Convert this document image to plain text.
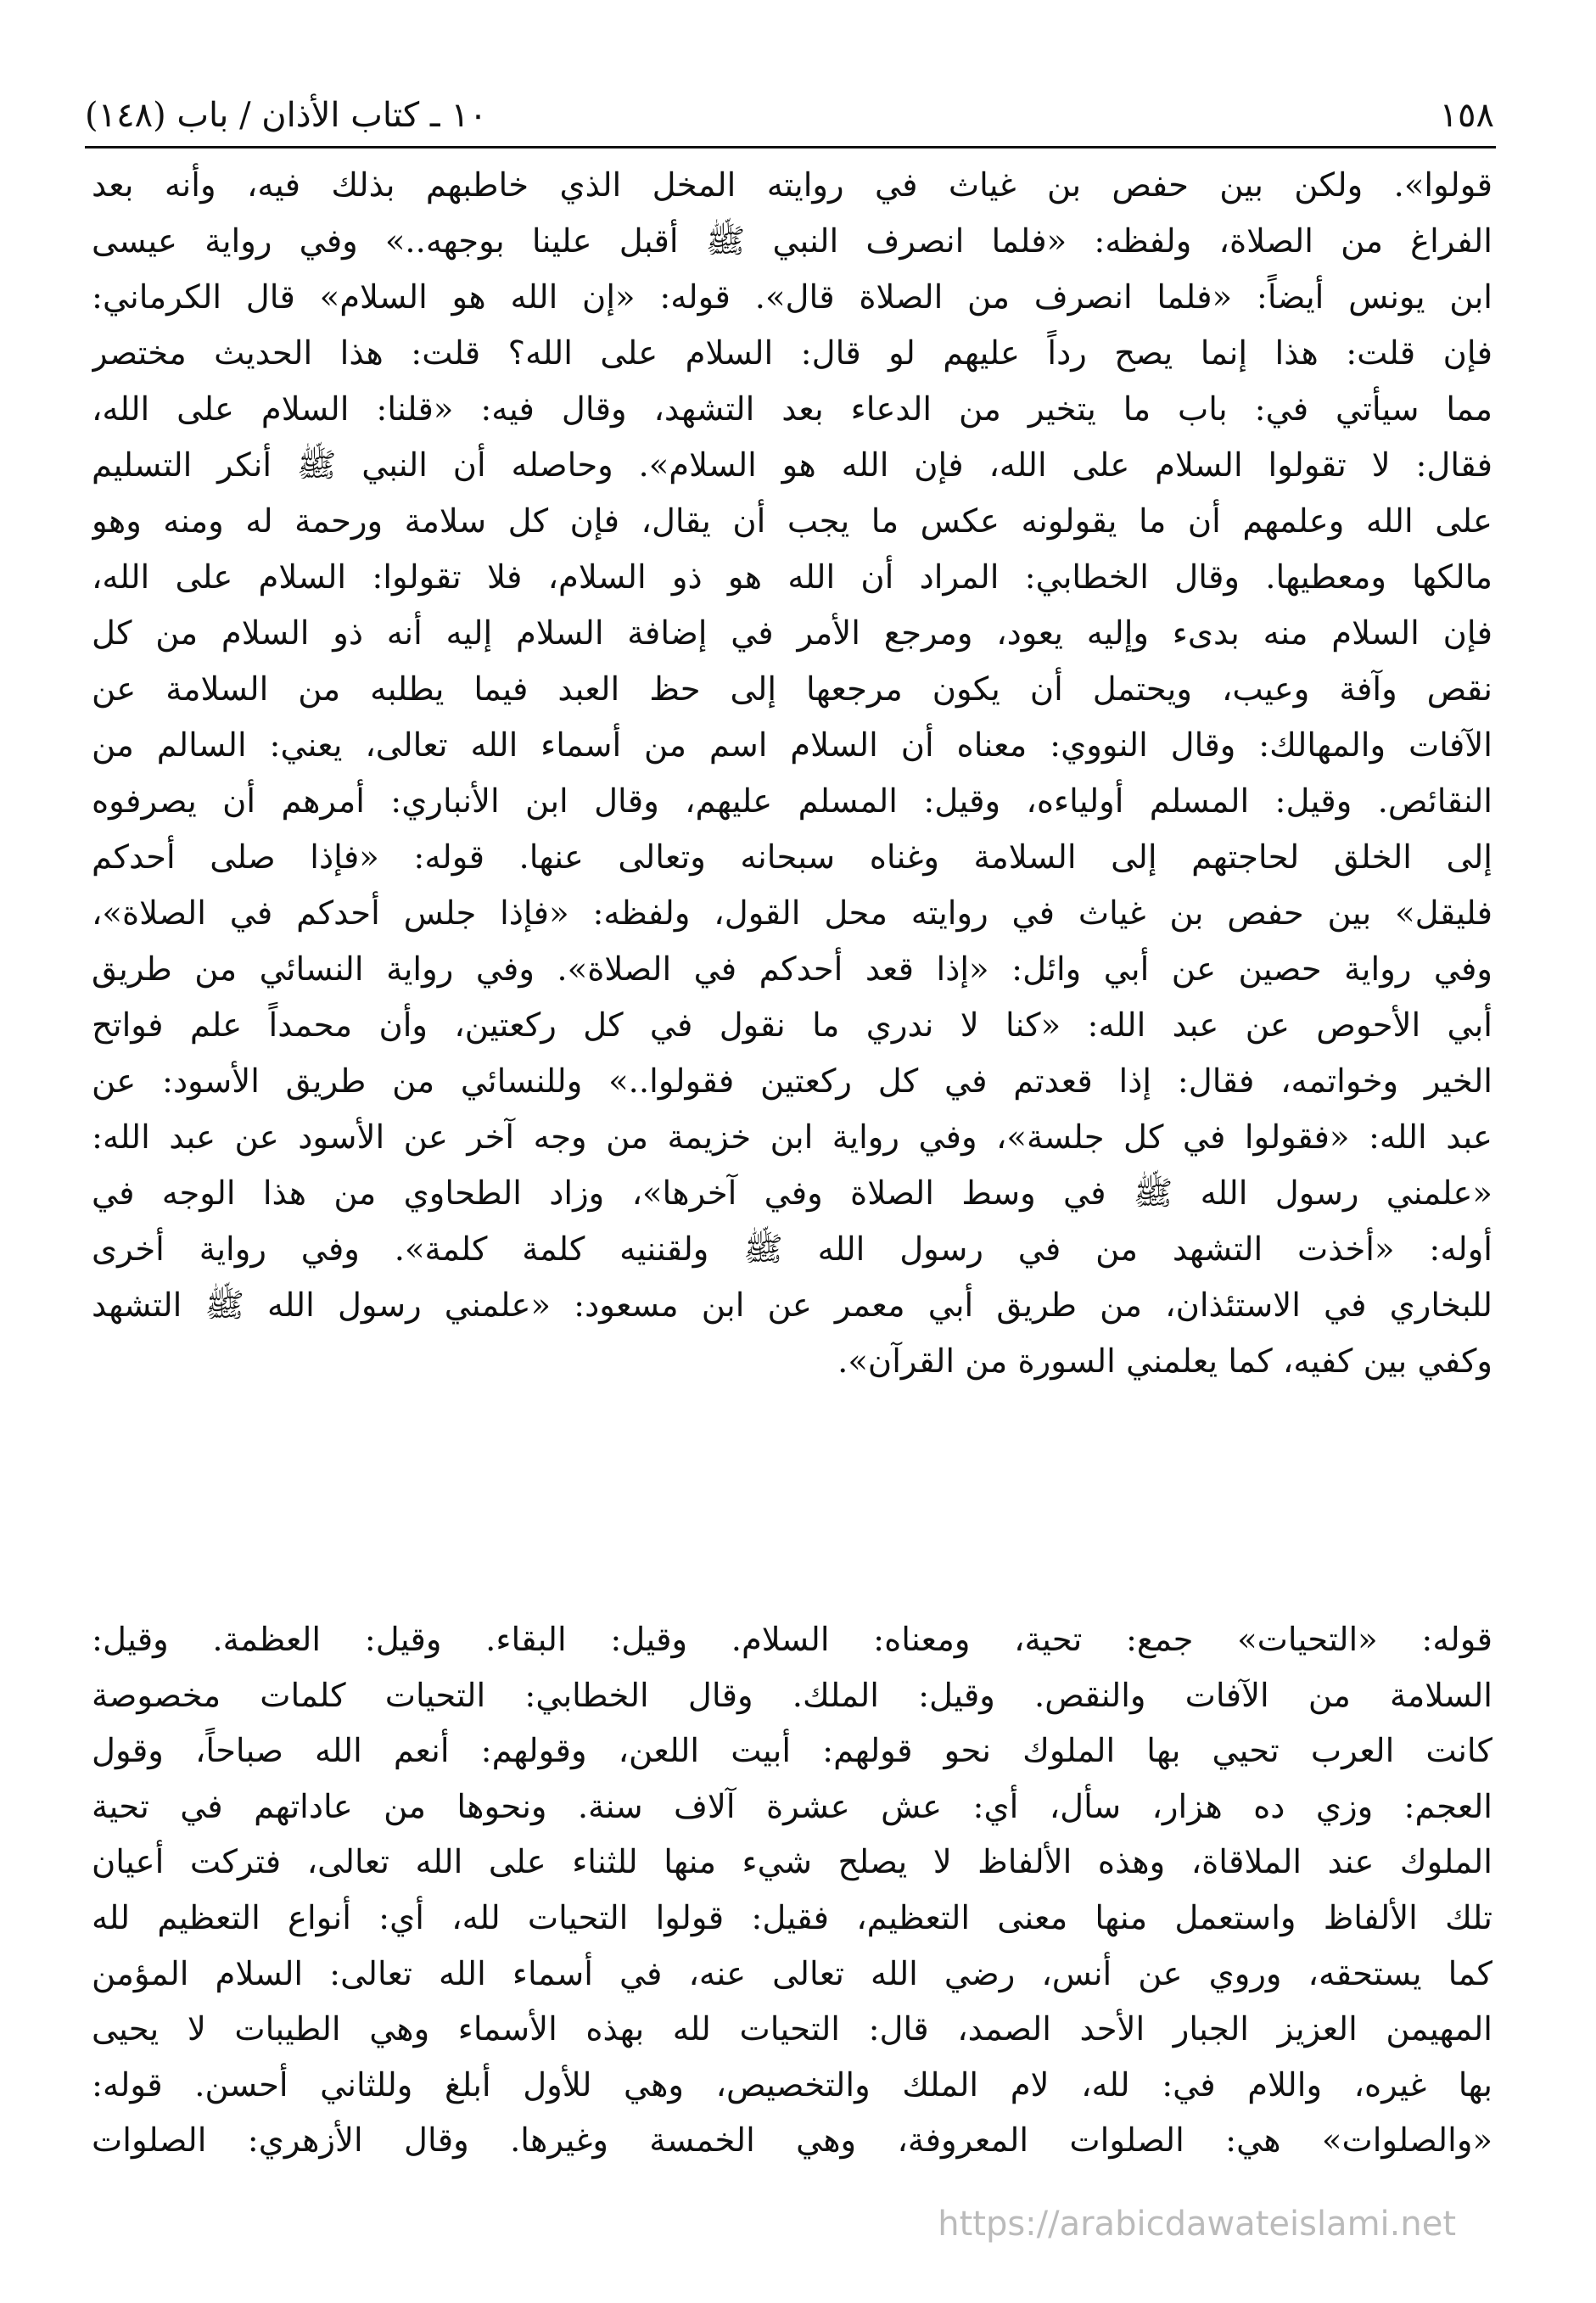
١٠ ـ كتاب الأذان / باب (١٤٨)	١٥٨
قولوا». ولكن بين حفص بن غياث في روايته المخل الذي خاطبهم بذلك فيه، وأنه بعد
الفراغ من الصلاة، ولفظه: «فلما انصرف النبي ﷺ أقبل علينا بوجهه..» وفي رواية عيسى
ابن يونس أيضاً: «فلما انصرف من الصلاة قال». قوله: «إن الله هو السلام» قال الكرماني:
فإن قلت: هذا إنما يصح رداً عليهم لو قال: السلام على الله؟ قلت: هذا الحديث مختصر
مما سيأتي في: باب ما يتخير من الدعاء بعد التشهد، وقال فيه: «قلنا: السلام على الله،
فقال: لا تقولوا السلام على الله، فإن الله هو السلام». وحاصله أن النبي ﷺ أنكر التسليم
على الله وعلمهم أن ما يقولونه عكس ما يجب أن يقال، فإن كل سلامة ورحمة له ومنه وهو
مالكها ومعطيها. وقال الخطابي: المراد أن الله هو ذو السلام، فلا تقولوا: السلام على الله،
فإن السلام منه بدىء وإليه يعود، ومرجع الأمر في إضافة السلام إليه أنه ذو السلام من كل
نقص وآفة وعيب، ويحتمل أن يكون مرجعها إلى حظ العبد فيما يطلبه من السلامة عن
الآفات والمهالك: وقال النووي: معناه أن السلام اسم من أسماء الله تعالى، يعني: السالم من
النقائص. وقيل: المسلم أولياءه، وقيل: المسلم عليهم، وقال ابن الأنباري: أمرهم أن يصرفوه
إلى الخلق لحاجتهم إلى السلامة وغناه سبحانه وتعالى عنها. قوله: «فإذا صلى أحدكم
فليقل» بين حفص بن غياث في روايته محل القول، ولفظه: «فإذا جلس أحدكم في الصلاة»،
وفي رواية حصين عن أبي وائل: «إذا قعد أحدكم في الصلاة». وفي رواية النسائي من طريق
أبي الأحوص عن عبد الله: «كنا لا ندري ما نقول في كل ركعتين، وأن محمداً علم فواتح
الخير وخواتمه، فقال: إذا قعدتم في كل ركعتين فقولوا..» وللنسائي من طريق الأسود: عن
عبد الله: «فقولوا في كل جلسة»، وفي رواية ابن خزيمة من وجه آخر عن الأسود عن عبد الله:
«علمني رسول الله ﷺ في وسط الصلاة وفي آخرها»، وزاد الطحاوي من هذا الوجه في
أوله: «أخذت التشهد من في رسول الله ﷺ ولقننيه كلمة كلمة». وفي رواية أخرى
للبخاري في الاستئذان، من طريق أبي معمر عن ابن مسعود: «علمني رسول الله ﷺ التشهد
وكفي بين كفيه، كما يعلمني السورة من القرآن».
قوله: «التحيات» جمع: تحية، ومعناه: السلام. وقيل: البقاء. وقيل: العظمة. وقيل:
السلامة من الآفات والنقص. وقيل: الملك. وقال الخطابي: التحيات كلمات مخصوصة
كانت العرب تحيي بها الملوك نحو قولهم: أبيت اللعن، وقولهم: أنعم الله صباحاً، وقول
العجم: وزي ده هزار، سأل، أي: عش عشرة آلاف سنة. ونحوها من عاداتهم في تحية
الملوك عند الملاقاة، وهذه الألفاظ لا يصلح شيء منها للثناء على الله تعالى، فتركت أعيان
تلك الألفاظ واستعمل منها معنى التعظيم، فقيل: قولوا التحيات لله، أي: أنواع التعظيم لله
كما يستحقه، وروي عن أنس، رضي الله تعالى عنه، في أسماء الله تعالى: السلام المؤمن
المهيمن العزيز الجبار الأحد الصمد، قال: التحيات لله بهذه الأسماء وهي الطيبات لا يحيى
بها غيره، واللام في: لله، لام الملك والتخصيص، وهي للأول أبلغ وللثاني أحسن. قوله:
«والصلوات» هي: الصلوات المعروفة، وهي الخمسة وغيرها. وقال الأزهري: الصلوات
https://arabicdawateislami.net
